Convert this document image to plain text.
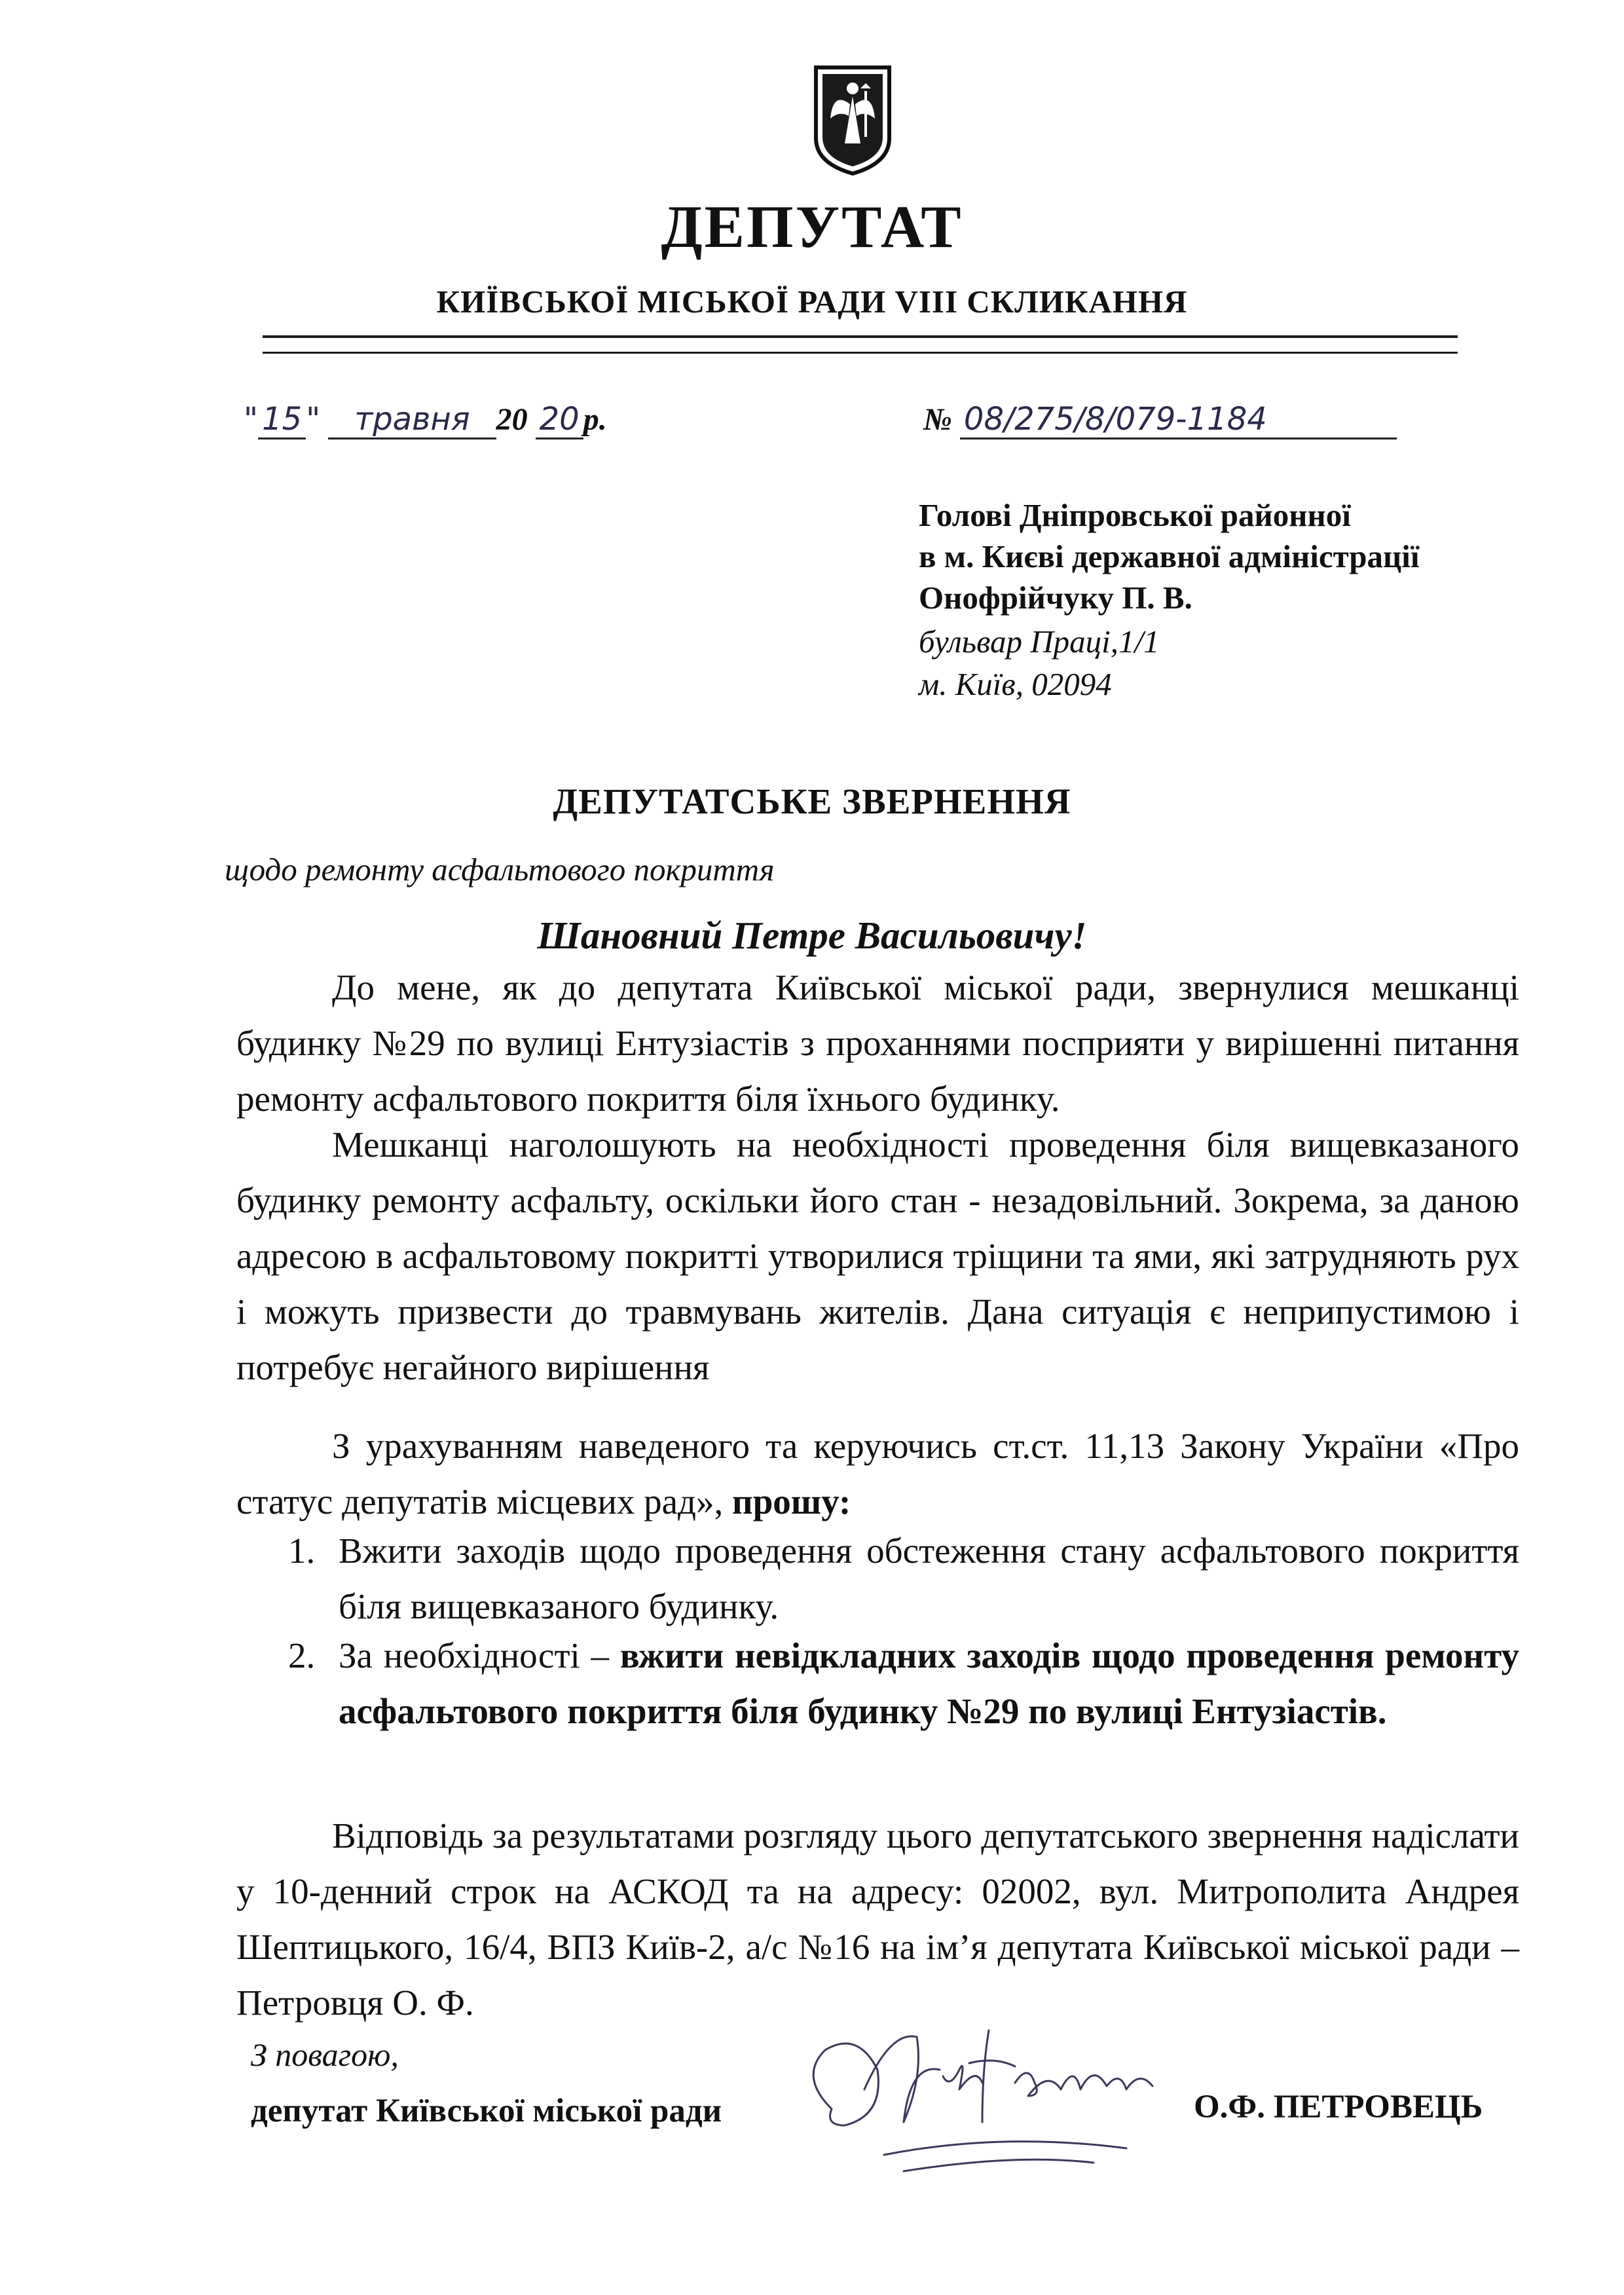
ДЕПУТАТ
КИЇВСЬКОЇ МІСЬКОЇ РАДИ VIII СКЛИКАННЯ
" 15 " травня 20 20 р.	№ 08/275/8/079-1184
Голові Дніпровської районної
в м. Києві державної адміністрації
Онофрійчуку П. В.
бульвар Праці,1/1
м. Київ, 02094
ДЕПУТАТСЬКЕ ЗВЕРНЕННЯ
щодо ремонту асфальтового покриття
Шановний Петре Васильовичу!
До мене, як до депутата Київської міської ради, звернулися мешканці будинку №29 по вулиці Ентузіастів з проханнями посприяти у вирішенні питання ремонту асфальтового покриття біля їхнього будинку.
Мешканці наголошують на необхідності проведення біля вищевказаного будинку ремонту асфальту, оскільки його стан - незадовільний. Зокрема, за даною адресою в асфальтовому покритті утворилися тріщини та ями, які затрудняють рух і можуть призвести до травмувань жителів. Дана ситуація є неприпустимою і потребує негайного вирішення
З урахуванням наведеного та керуючись ст.ст. 11,13 Закону України «Про статус депутатів місцевих рад», прошу:
1. Вжити заходів щодо проведення обстеження стану асфальтового покриття біля вищевказаного будинку.
2. За необхідності – вжити невідкладних заходів щодо проведення ремонту асфальтового покриття біля будинку №29 по вулиці Ентузіастів.
Відповідь за результатами розгляду цього депутатського звернення надіслати у 10-денний строк на АСКОД та на адресу: 02002, вул. Митрополита Андрея Шептицького, 16/4, ВПЗ Київ-2, а/с №16 на ім’я депутата Київської міської ради – Петровця О. Ф.
З повагою,
депутат Київської міської ради	О.Ф. ПЕТРОВЕЦЬ
